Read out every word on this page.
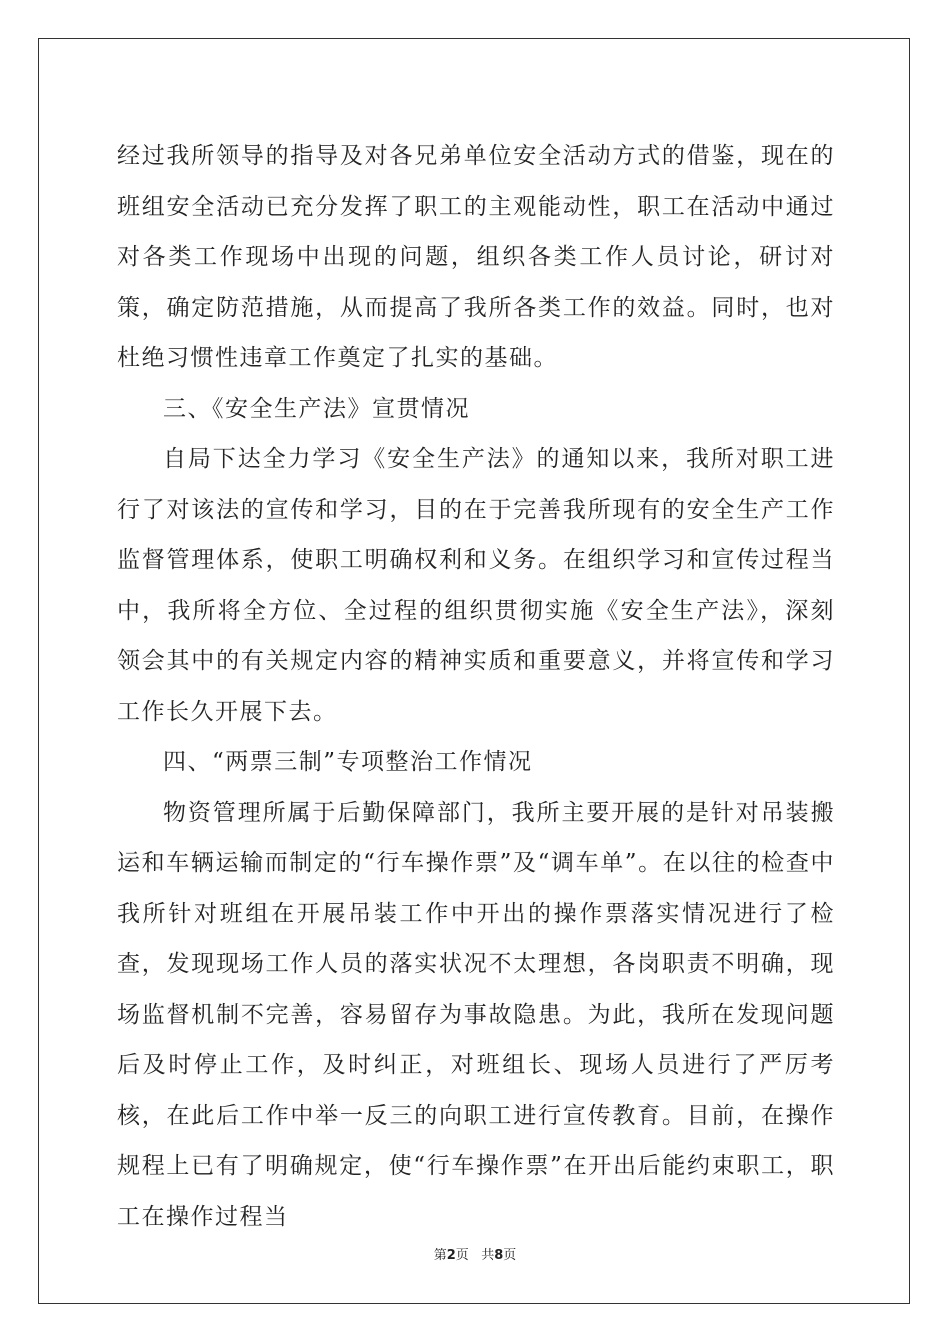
经过我所领导的指导及对各兄弟单位安全活动方式的借鉴，现在的班组安全活动已充分发挥了职工的主观能动性，职工在活动中通过对各类工作现场中出现的问题，组织各类工作人员讨论，研讨对策，确定防范措施，从而提高了我所各类工作的效益。同时，也对杜绝习惯性违章工作奠定了扎实的基础。

三、《安全生产法》宣贯情况

自局下达全力学习《安全生产法》的通知以来，我所对职工进行了对该法的宣传和学习，目的在于完善我所现有的安全生产工作监督管理体系，使职工明确权利和义务。在组织学习和宣传过程当中，我所将全方位、全过程的组织贯彻实施《安全生产法》，深刻领会其中的有关规定内容的精神实质和重要意义，并将宣传和学习工作长久开展下去。

四、“两票三制”专项整治工作情况

物资管理所属于后勤保障部门，我所主要开展的是针对吊装搬运和车辆运输而制定的“行车操作票”及“调车单”。在以往的检查中我所针对班组在开展吊装工作中开出的操作票落实情况进行了检查，发现现场工作人员的落实状况不太理想，各岗职责不明确，现场监督机制不完善，容易留存为事故隐患。为此，我所在发现问题后及时停止工作，及时纠正，对班组长、现场人员进行了严厉考核，在此后工作中举一反三的向职工进行宣传教育。目前，在操作规程上已有了明确规定，使“行车操作票”在开出后能约束职工，职工在操作过程当

第2页 共8页
